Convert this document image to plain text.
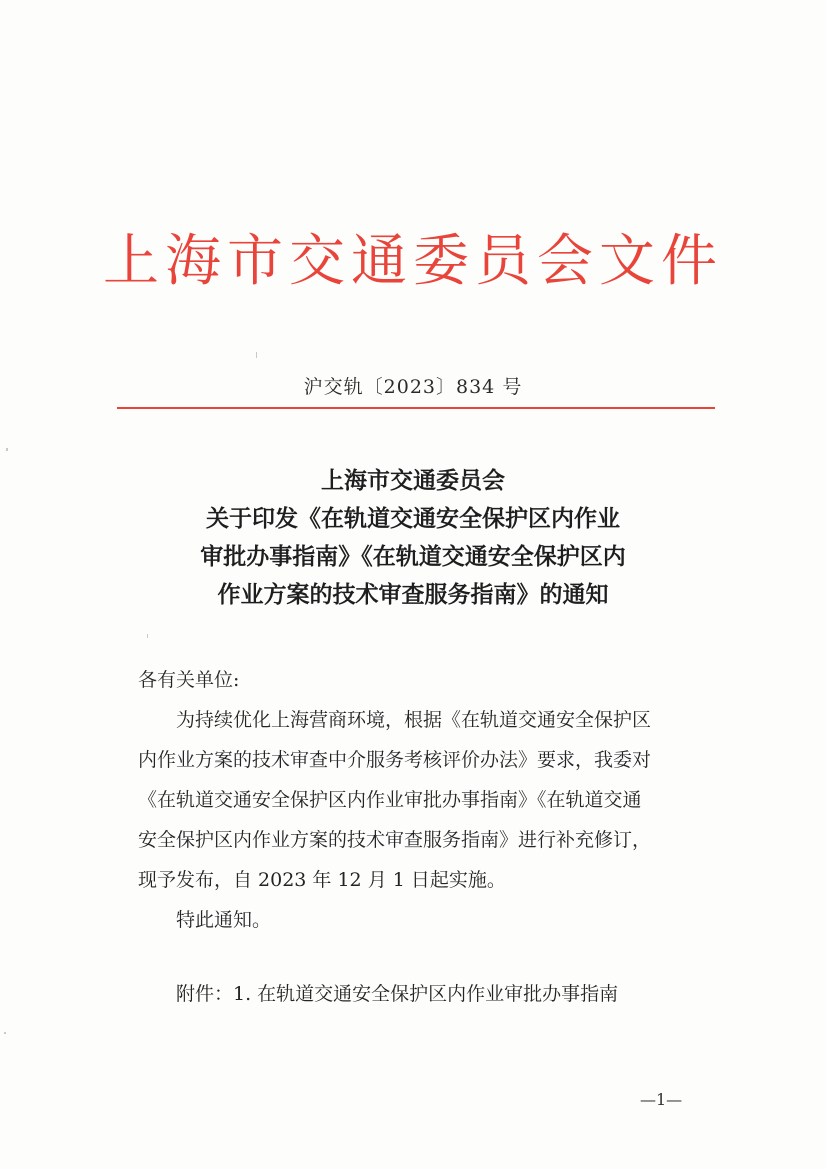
上海市交通委员会文件
沪交轨〔2023〕834 号
上海市交通委员会
关于印发《在轨道交通安全保护区内作业
审批办事指南》《在轨道交通安全保护区内
作业方案的技术审查服务指南》的通知
各有关单位:
为持续优化上海营商环境，根据《在轨道交通安全保护区
内作业方案的技术审查中介服务考核评价办法》要求，我委对
《在轨道交通安全保护区内作业审批办事指南》《在轨道交通
安全保护区内作业方案的技术审查服务指南》进行补充修订，
现予发布，自 2023 年 12 月 1 日起实施。
特此通知。
附件：1. 在轨道交通安全保护区内作业审批办事指南
—1—
